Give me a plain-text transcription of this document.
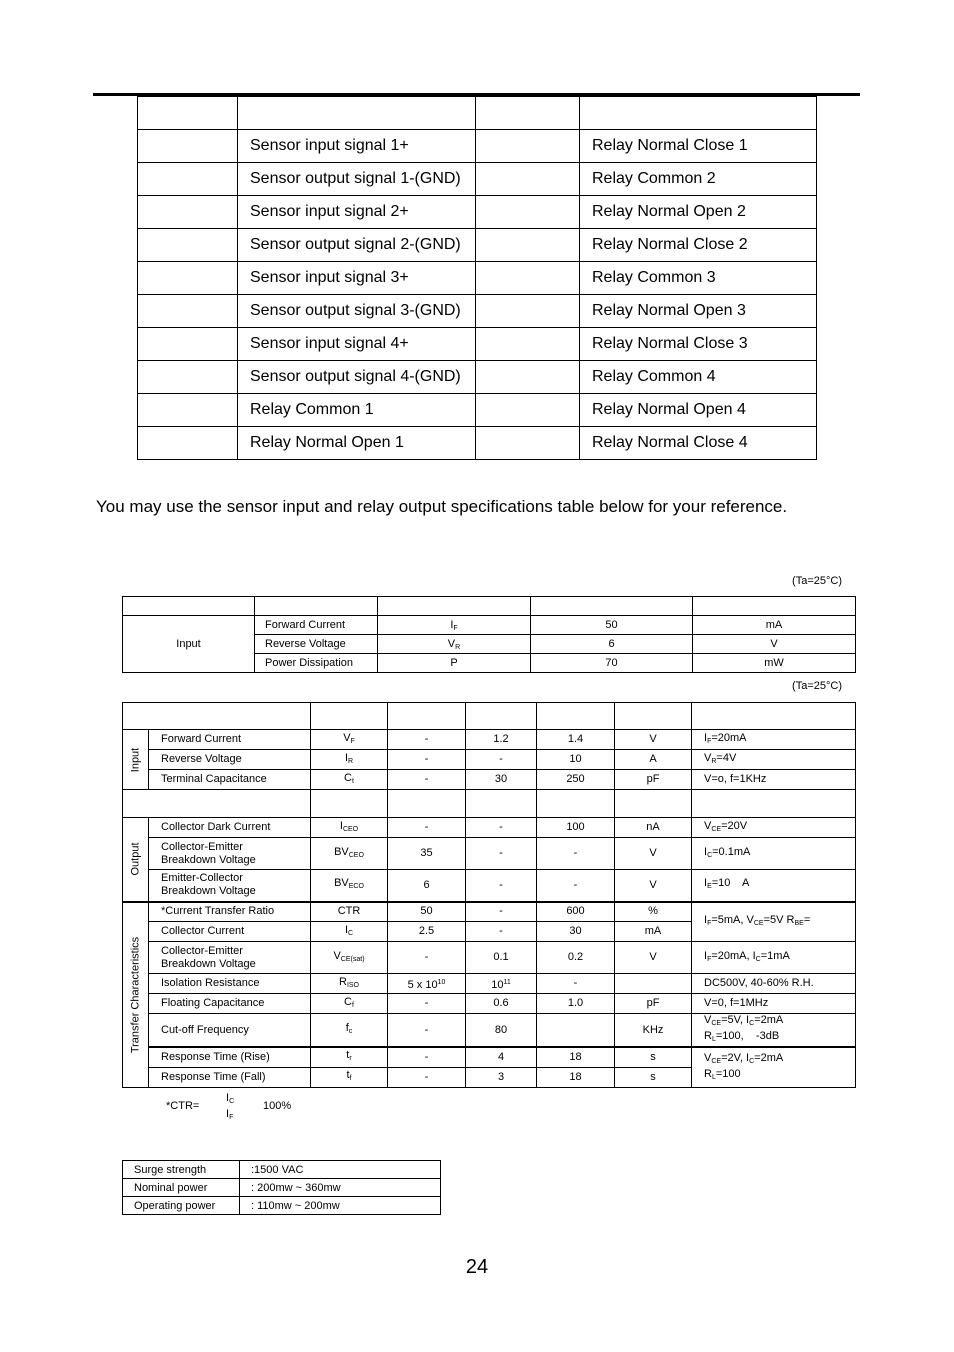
	Sensor input signal 1+		Relay Normal Close 1
	Sensor output signal 1-(GND)		Relay Common 2
	Sensor input signal 2+		Relay Normal Open 2
	Sensor output signal 2-(GND)		Relay Normal Close 2
	Sensor input signal 3+		Relay Common 3
	Sensor output signal 3-(GND)		Relay Normal Open 3
	Sensor input signal 4+		Relay Normal Close 3
	Sensor output signal 4-(GND)		Relay Common 4
	Relay Common 1		Relay Normal Open 4
	Relay Normal Open 1		Relay Normal Close 4
You may use the sensor input and relay output specifications table below for your reference.
(Ta=25°C)

Input	Forward Current	$I_F$	50	mA
	Reverse Voltage	$V_R$	6	V
	Power Dissipation	P	70	mW
(Ta=25°C)

Input	Forward Current	$V_F$	-	1.2	1.4	V	$I_F=20mA$
	Reverse Voltage	$I_R$	-	-	10	A	$V_R=4V$
	Terminal Capacitance	$C_t$	-	30	250	pF	V=o, f=1KHz

Output	Collector Dark Current	$I_{CEO}$	-	-	100	nA	$V_{CE}=20V$

	Collector-Emitter
Breakdown Voltage	$BV_{CEO}$	35	-	-	V	$I_C=0.1mA$

	Emitter-Collector
Breakdown Voltage	$BV_{ECO}$	6	-	-	V	$I_E=10$    A

Transfer Characteristics	*Current Transfer Ratio	CTR	50	-	600	%	$I_F=5mA$, $V_{CE}=5V$ $R_{BE}=$
	Collector Current	$I_C$	2.5	-	30	mA	

	Collector-Emitter
Breakdown Voltage	$V_{CE(sat)}$	-	0.1	0.2	V	$I_F=20mA$, $I_C=1mA$
	Isolation Resistance	$R_{ISO}$	5 x $10^{10}$	$10^{11}$	-		DC500V, 40-60% R.H.
	Floating Capacitance	$C_f$	-	0.6	1.0	pF	V=0, f=1MHz
	Cut-off Frequency	$f_c$	-	80		KHz	$V_{CE}=5V$, $I_C=2mA$
$R_L=100$,    -3dB

	Response Time (Rise)	$t_r$	-	4	18	s	$V_{CE}=2V$, $I_C=2mA$
$R_L=100$

	Response Time (Fall)	$t_f$	-	3	18	s	
*CTR=
$I_C$
$I_F$
100%
Surge strength	:1500 VAC
Nominal power	: 200mw ~ 360mw
Operating power	: 110mw ~ 200mw
24
